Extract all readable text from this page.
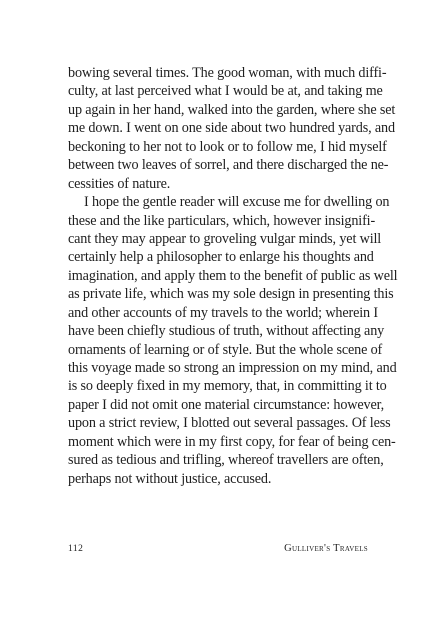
bowing several times. The good woman, with much diffi-
culty, at last perceived what I would be at, and taking me
up again in her hand, walked into the garden, where she set
me down. I went on one side about two hundred yards, and
beckoning to her not to look or to follow me, I hid myself
between two leaves of sorrel, and there discharged the ne-
cessities of nature.
I hope the gentle reader will excuse me for dwelling on
these and the like particulars, which, however insignifi-
cant they may appear to groveling vulgar minds, yet will
certainly help a philosopher to enlarge his thoughts and
imagination, and apply them to the benefit of public as well
as private life, which was my sole design in presenting this
and other accounts of my travels to the world; wherein I
have been chiefly studious of truth, without affecting any
ornaments of learning or of style. But the whole scene of
this voyage made so strong an impression on my mind, and
is so deeply fixed in my memory, that, in committing it to
paper I did not omit one material circumstance: however,
upon a strict review, I blotted out several passages. Of less
moment which were in my first copy, for fear of being cen-
sured as tedious and trifling, whereof travellers are often,
perhaps not without justice, accused.
112	Gulliver's Travels
